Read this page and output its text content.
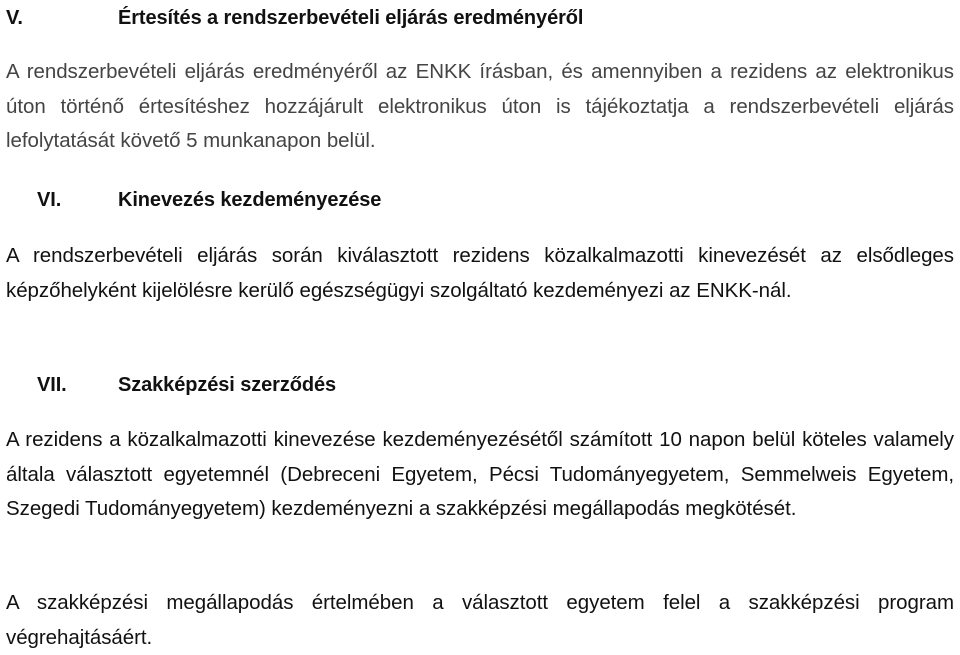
V.	Értesítés a rendszerbevételi eljárás eredményéről

A rendszerbevételi eljárás eredményéről az ENKK írásban, és amennyiben a rezidens az elektronikus úton történő értesítéshez hozzájárult elektronikus úton is tájékoztatja a rendszerbevételi eljárás lefolytatását követő 5 munkanapon belül.

VI.	Kinevezés kezdeményezése

A rendszerbevételi eljárás során kiválasztott rezidens közalkalmazotti kinevezését az elsődleges képzőhelyként kijelölésre kerülő egészségügyi szolgáltató kezdeményezi az ENKK-nál.

VII.	Szakképzési szerződés

A rezidens a közalkalmazotti kinevezése kezdeményezésétől számított 10 napon belül köteles valamely általa választott egyetemnél (Debreceni Egyetem, Pécsi Tudományegyetem, Semmelweis Egyetem, Szegedi Tudományegyetem) kezdeményezni a szakképzési megállapodás megkötését.

A szakképzési megállapodás értelmében a választott egyetem felel a szakképzési program végrehajtásáért.
